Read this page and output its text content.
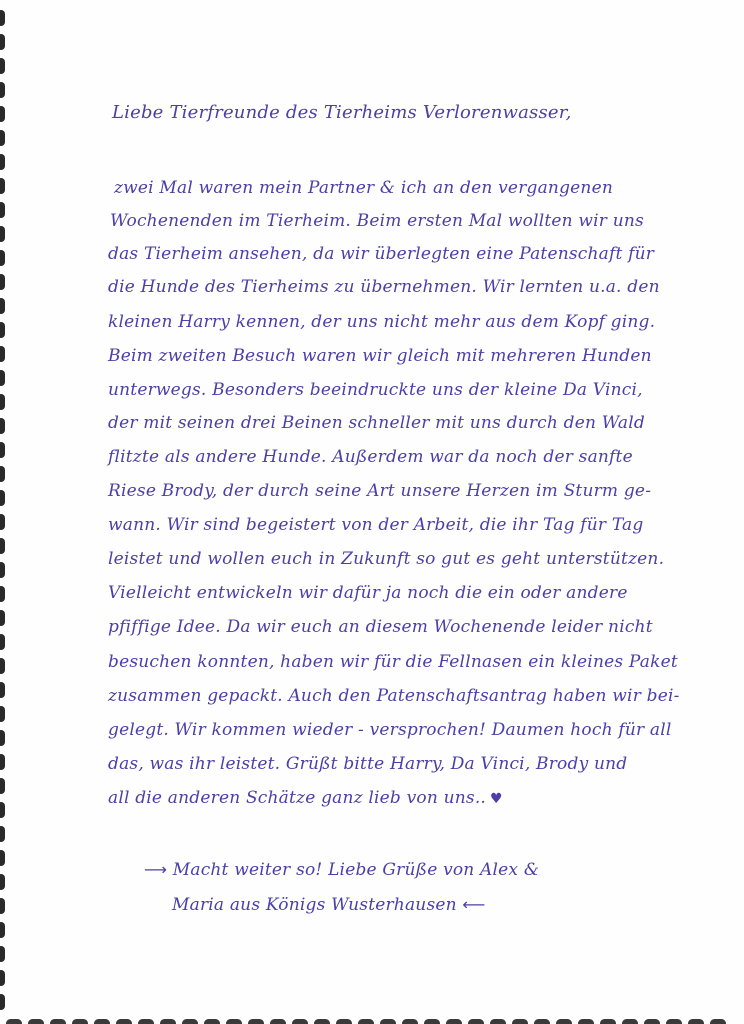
Liebe Tierfreunde des Tierheims Verlorenwasser,
zwei Mal waren mein Partner & ich an den vergangenen
Wochenenden im Tierheim. Beim ersten Mal wollten wir uns
das Tierheim ansehen, da wir überlegten eine Patenschaft für
die Hunde des Tierheims zu übernehmen. Wir lernten u.a. den
kleinen Harry kennen, der uns nicht mehr aus dem Kopf ging.
Beim zweiten Besuch waren wir gleich mit mehreren Hunden
unterwegs. Besonders beeindruckte uns der kleine Da Vinci,
der mit seinen drei Beinen schneller mit uns durch den Wald
flitzte als andere Hunde. Außerdem war da noch der sanfte
Riese Brody, der durch seine Art unsere Herzen im Sturm ge-
wann. Wir sind begeistert von der Arbeit, die ihr Tag für Tag
leistet und wollen euch in Zukunft so gut es geht unterstützen.
Vielleicht entwickeln wir dafür ja noch die ein oder andere
pfiffige Idee. Da wir euch an diesem Wochenende leider nicht
besuchen konnten, haben wir für die Fellnasen ein kleines Paket
zusammen gepackt. Auch den Patenschaftsantrag haben wir bei-
gelegt. Wir kommen wieder - versprochen! Daumen hoch für all
das, was ihr leistet. Grüßt bitte Harry, Da Vinci, Brody und
all die anderen Schätze ganz lieb von uns.. ♥
⟶ Macht weiter so! Liebe Grüße von Alex &
Maria aus Königs Wusterhausen ⟵
